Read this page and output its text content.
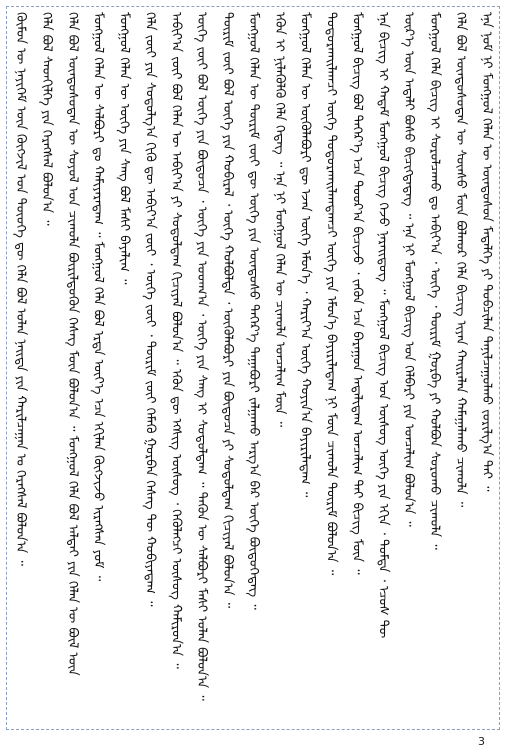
ᠬᠦᠮᠦᠨ ᠦ ᠨᠡᠶᠢᠭᠡᠮ ᠦᠨ ᠬᠥᠭᠵᠢᠯ ᠤᠨ ᠲᠦᠦᠬᠡ ᠳᠦ ᠬᠡᠯᠡ ᠪᠣᠯ ᠣᠯᠠᠨ ᠨᠡᠢᠲᠡ ᠶᠢᠨ ᠬᠠᠷᠢᠯᠴᠠᠭᠠᠨ ᠤ ᠬᠡᠷᠡᠭᠰᠡᠯ ᠪᠣᠯᠤᠨ᠎ᠠ ᠃ ᠬᠡᠯᠡ ᠪᠣᠯ ᠰᠡᠳᠬᠢᠯᠭᠡ ᠶᠢᠨ ᠬᠡᠷᠡᠭᠰᠡᠯ ᠪᠣᠯᠤᠨ᠎ᠠ ᠃ ᠬᠡᠯᠡ ᠪᠣᠯ ᠦᠨᠳᠦᠰᠦᠲᠡᠨ ᠦ ᠰᠣᠶᠣᠯ ᠤᠨ ᠴᠢᠬᠤᠯᠠ ᠪᠦᠷᠢᠯᠳᠦᠬᠦᠨ ᠬᠡᠰᠡᠭ ᠮᠥᠨ ᠪᠣᠯᠤᠨ᠎ᠠ ᠃ ᠮᠣᠩᠭᠣᠯ ᠬᠡᠯᠡ ᠪᠣᠯ ᠠᠯᠲᠠᠢ ᠶᠢᠨ ᠬᠡᠯᠡᠨ ᠦ ᠪᠦᠯ ᠦᠨ ᠮᠣᠩᠭᠣᠯ ᠬᠡᠯᠡᠨ ᠦ ᠰᠠᠯᠪᠤᠷᠢ ᠳᠤ ᠬᠠᠮᠢᠶᠠᠷᠠᠳᠠᠭ ᠃ ᠮᠣᠩᠭᠣᠯ ᠬᠡᠯᠡ ᠪᠣᠯ ᠡᠷᠲᠡ ᠦᠶ᠎ᠡ ᠡᠴᠡ ᠡᠬᠢᠯᠡᠨ ᠬᠥᠭᠵᠢᠵᠦ ᠢᠷᠡᠭᠰᠡᠨ ᠶᠤᠮ ᠃ ᠮᠣᠩᠭᠣᠯ ᠬᠡᠯᠡᠨ ᠦ ᠦᠭᠡ ᠶᠢᠨ ᠰᠠᠩ ᠪᠣᠯ ᠮᠠᠰᠢ ᠪᠠᠶᠠᠯᠢᠭ ᠃ ᠬᠡᠯᠡ ᠵᠦᠢ ᠶᠢᠨ ᠰᠤᠳᠤᠯᠭ᠎ᠠ ᠬᠢᠬᠦ ᠳᠦ ᠠᠪᠢᠶ᠎ᠠ ᠵᠦᠢ ᠂ ᠦᠭᠡ ᠵᠦᠢ ᠂ ᠳᠦᠷᠢᠮ ᠵᠦᠢ ᠬᠡᠮᠡᠬᠦ ᠭᠤᠷᠪᠠᠨ ᠬᠡᠰᠡᠭ ᠲᠦ ᠬᠤᠪᠢᠶᠠᠳᠠᠭ ᠃ ᠠᠪᠢᠶ᠎ᠠ ᠵᠦᠢ ᠪᠣᠯ ᠬᠡᠯᠡᠨ ᠦ ᠠᠪᠢᠶ᠎ᠠ ᠶᠢ ᠰᠤᠳᠤᠯᠳᠠᠭ ᠬᠢᠴᠢᠶᠡᠯ ᠪᠣᠯᠤᠨ᠎ᠠ ᠃ ᠡᠭᠦᠨ ᠳᠦ ᠡᠭᠰᠢᠭ ᠦᠰᠦᠭ ᠂ ᠭᠡᠭᠦᠯᠡᠭᠴᠢ ᠦᠰᠦᠭ ᠬᠠᠮᠢᠷᠤᠨ᠎ᠠ ᠃ ᠦᠭᠡ ᠵᠦᠢ ᠪᠣᠯ ᠦᠭᠡ ᠶᠢᠨ ᠪᠦᠲᠦᠴᠡ ᠂ ᠦᠭᠡ ᠶᠢᠨ ᠤᠳᠬ᠎ᠠ ᠂ ᠦᠭᠡ ᠶᠢᠨ ᠰᠠᠩ ᠢ ᠰᠤᠳᠤᠯᠳᠠᠭ ᠃ ᠲᠡᠭᠦᠨ ᠦ ᠰᠠᠯᠪᠤᠷᠢ ᠮᠠᠰᠢ ᠣᠯᠠᠨ ᠪᠣᠯᠤᠨ᠎ᠠ ᠃ ᠳᠦᠷᠢᠮ ᠵᠦᠢ ᠪᠣᠯ ᠦᠭᠡ ᠶᠢᠨ ᠬᠤᠪᠢᠷᠠᠯ ᠂ ᠦᠭᠡ ᠬᠣᠯᠪᠣᠯᠲᠠ ᠂ ᠥᠭᠦᠯᠡᠪᠦᠷᠢ ᠶᠢᠨ ᠪᠦᠲᠦᠴᠡ ᠶᠢ ᠰᠤᠳᠤᠯᠳᠠᠭ ᠬᠢᠴᠢᠶᠡᠯ ᠪᠣᠯᠤᠨ᠎ᠠ ᠃ ᠮᠣᠩᠭᠣᠯ ᠬᠡᠯᠡᠨ ᠦ ᠳᠦᠷᠢᠮ ᠵᠦᠢ ᠳᠦ ᠦᠭᠡ ᠶᠢᠨ ᠦᠨᠳᠦᠰᠦ ᠳᠡᠭᠡᠷ᠎ᠡ ᠳᠠᠭᠠᠪᠤᠷᠢ ᠵᠠᠯᠭᠠᠬᠤ ᠠᠷᠭ᠎ᠠ ᠪᠠᠷ ᠦᠭᠡ ᠪᠦᠲᠦᠭᠡᠳᠡᠭ ᠃ ᠡᠭᠦᠨ ᠢ ᠨᠢᠯᠡᠭᠦᠯᠬᠦ ᠬᠡᠯᠡ ᠭᠡᠳᠡᠭ ᠃ ᠡᠨᠡ ᠨᠢ ᠮᠣᠩᠭᠣᠯ ᠬᠡᠯᠡᠨ ᠦ ᠴᠢᠬᠤᠯᠠ ᠣᠨᠴᠠᠯᠢᠭ ᠮᠥᠨ ᠃ ᠮᠣᠩᠭᠣᠯ ᠬᠡᠯᠡᠨ ᠦ ᠥᠭᠦᠯᠡᠪᠦᠷᠢ ᠳᠦ ᠡᠵᠡᠨ ᠦᠭᠡ ᠡᠮᠦᠨ᠎ᠡ ᠂ ᠬᠠᠷᠢᠶ᠎ᠠ ᠦᠭᠡ ᠬᠣᠶᠢᠨ᠎ᠠ ᠪᠠᠶᠢᠷᠢᠯᠠᠳᠠᠭ ᠃ ᠲᠣᠳᠤᠷᠬᠠᠢᠯᠠᠭᠴᠢ ᠦᠭᠡ ᠲᠣᠳᠤᠷᠬᠠᠢᠯᠠᠭᠳᠠᠭᠴᠢ ᠦᠭᠡ ᠶᠢᠨ ᠡᠮᠦᠨ᠎ᠡ ᠪᠠᠶᠢᠷᠢᠯᠠᠳᠠᠭ ᠨᠢ ᠮᠥᠨ ᠴᠢᠬᠤᠯᠠ ᠳᠦᠷᠢᠮ ᠪᠣᠯᠤᠨ᠎ᠠ ᠃ ᠮᠣᠩᠭᠣᠯ ᠪᠢᠴᠢᠭ ᠪᠣᠯ ᠳᠡᠭᠡᠷ᠎ᠡ ᠡᠴᠡ ᠳᠣᠣᠷ᠎ᠠ ᠪᠢᠴᠢᠵᠦ ᠂ ᠵᠡᠭᠦᠨ ᠡᠴᠡ ᠪᠠᠷᠠᠭᠤᠨ ᠠᠳᠠᠯᠢᠳᠠᠭ ᠣᠨᠴᠠᠯᠢᠭ ᠲᠠᠢ ᠪᠢᠴᠢᠭ ᠮᠥᠨ ᠃ ᠡᠨᠡ ᠪᠢᠴᠢᠭ ᠢ ᠬᠠᠳᠠᠮ ᠮᠣᠩᠭᠣᠯ ᠪᠢᠴᠢᠭ ᠭᠡᠵᠦ ᠨᠡᠷᠡᠢᠳᠦᠭ ᠃ ᠮᠣᠩᠭᠣᠯ ᠪᠢᠴᠢᠭ ᠤᠨ ᠦᠰᠦᠭ ᠦᠭᠡ ᠶᠢᠨ ᠡᠬᠢᠨ ᠂ ᠳᠤᠮᠳᠠ ᠂ ᠡᠴᠦᠰ ᠲᠦ ᠦᠷ᠎ᠡ ᠦᠨ ᠠᠳᠠᠯᠢ ᠪᠤᠰᠤ ᠪᠢᠴᠢᠭᠳᠡᠳᠡᠭ ᠃ ᠡᠨᠡ ᠨᠢ ᠮᠣᠩᠭᠣᠯ ᠪᠢᠴᠢᠭ ᠤᠨ ᠬᠡᠯᠪᠡᠷᠢ ᠶᠢᠨ ᠣᠨᠴᠠᠯᠢᠭ ᠪᠣᠯᠤᠨ᠎ᠠ ᠃ ᠮᠣᠩᠭᠣᠯ ᠬᠡᠯᠡ ᠪᠢᠴᠢᠭ ᠢ ᠰᠤᠷᠤᠯᠴᠠᠬᠤ ᠳᠤ ᠠᠪᠢᠶ᠎ᠠ ᠂ ᠦᠭᠡ ᠂ ᠳᠦᠷᠢᠮ ᠭᠤᠷᠪᠠ ᠶᠢ ᠬᠣᠯᠪᠣᠨ ᠰᠤᠷᠤᠬᠤ ᠴᠢᠬᠤᠯᠠ ᠃ ᠬᠡᠯᠡ ᠪᠣᠯ ᠦᠨᠳᠦᠰᠦᠲᠡᠨ ᠦ ᠰᠦᠨᠰᠦ ᠮᠥᠨ ᠪᠣᠯᠬᠣᠷ ᠬᠡᠯᠡ ᠪᠢᠴᠢᠭ ᠢᠶᠡᠨ ᠬᠠᠢᠷᠠᠯᠠᠨ ᠬᠠᠮᠠᠭᠠᠯᠠᠬᠤ ᠴᠢᠬᠤᠯᠠ ᠃ ᠡᠨᠡ ᠨᠣᠮ ᠨᠢ ᠮᠣᠩᠭᠣᠯ ᠬᠡᠯᠡᠨ ᠦ ᠦᠨᠳᠦᠰᠦᠨ ᠮᠡᠳᠡᠯᠭᠡ ᠶᠢ ᠲᠣᠪᠴᠢᠯᠠᠨ ᠲᠠᠨᠢᠯᠴᠠᠭᠤᠯᠬᠤ ᠵᠣᠷᠢᠯᠭ᠎ᠠ ᠲᠠᠢ ᠃
3
